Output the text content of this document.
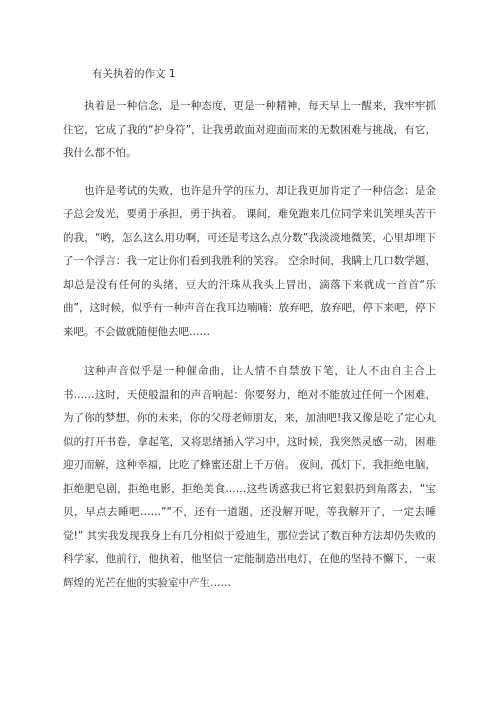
有关执着的作文 1

执着是一种信念，是一种态度，更是一种精神，每天早上一醒来，我牢牢抓住它，它成了我的“护身符”，让我勇敢面对迎面而来的无数困难与挑战，有它，我什么都不怕。

也许是考试的失败，也许是升学的压力，却让我更加肯定了一种信念：是金子总会发光，要勇于承担，勇于执着。 课间，难免跑来几位同学来讥笑埋头苦干的我，“哟，怎么这么用功啊，可还是考这么点分数”我淡淡地微笑，心里却埋下了一个浮言：我一定让你们看到我胜利的笑容。 空余时间，我瞒上几口数学题，却总是没有任何的头绪，豆大的汗珠从我头上冒出，滴落下来就成一首首“乐曲”，这时候，似乎有一种声音在我耳边喃喃：放弃吧，放弃吧，停下来吧，停下来吧。不会做就随便他去吧……

这种声音似乎是一种催命曲，让人情不自禁放下笔，让人不由自主合上书……这时，天使般温和的声音响起：你要努力，绝对不能放过任何一个困难，为了你的梦想，你的未来，你的父母老师朋友，来，加油吧!我又像是吃了定心丸似的打开书卷，拿起笔，又将思绪插入学习中，这时候，我突然灵感一动，困难迎刃而解，这种幸福，比吃了蜂蜜还甜上千万倍。 夜间，孤灯下，我拒绝电脑，拒绝肥皂剧，拒绝电影，拒绝美食……这些诱惑我已将它狠狠扔到角落去，“宝贝，早点去睡吧……”“不，还有一道题，还没解开呢，等我解开了，一定去睡觉!” 其实我发现我身上有几分相似于爱迪生，那位尝试了数百种方法却仍失败的科学家，他前行，他执着，他坚信一定能制造出电灯，在他的坚持不懈下，一束辉煌的光芒在他的实验室中产生……
